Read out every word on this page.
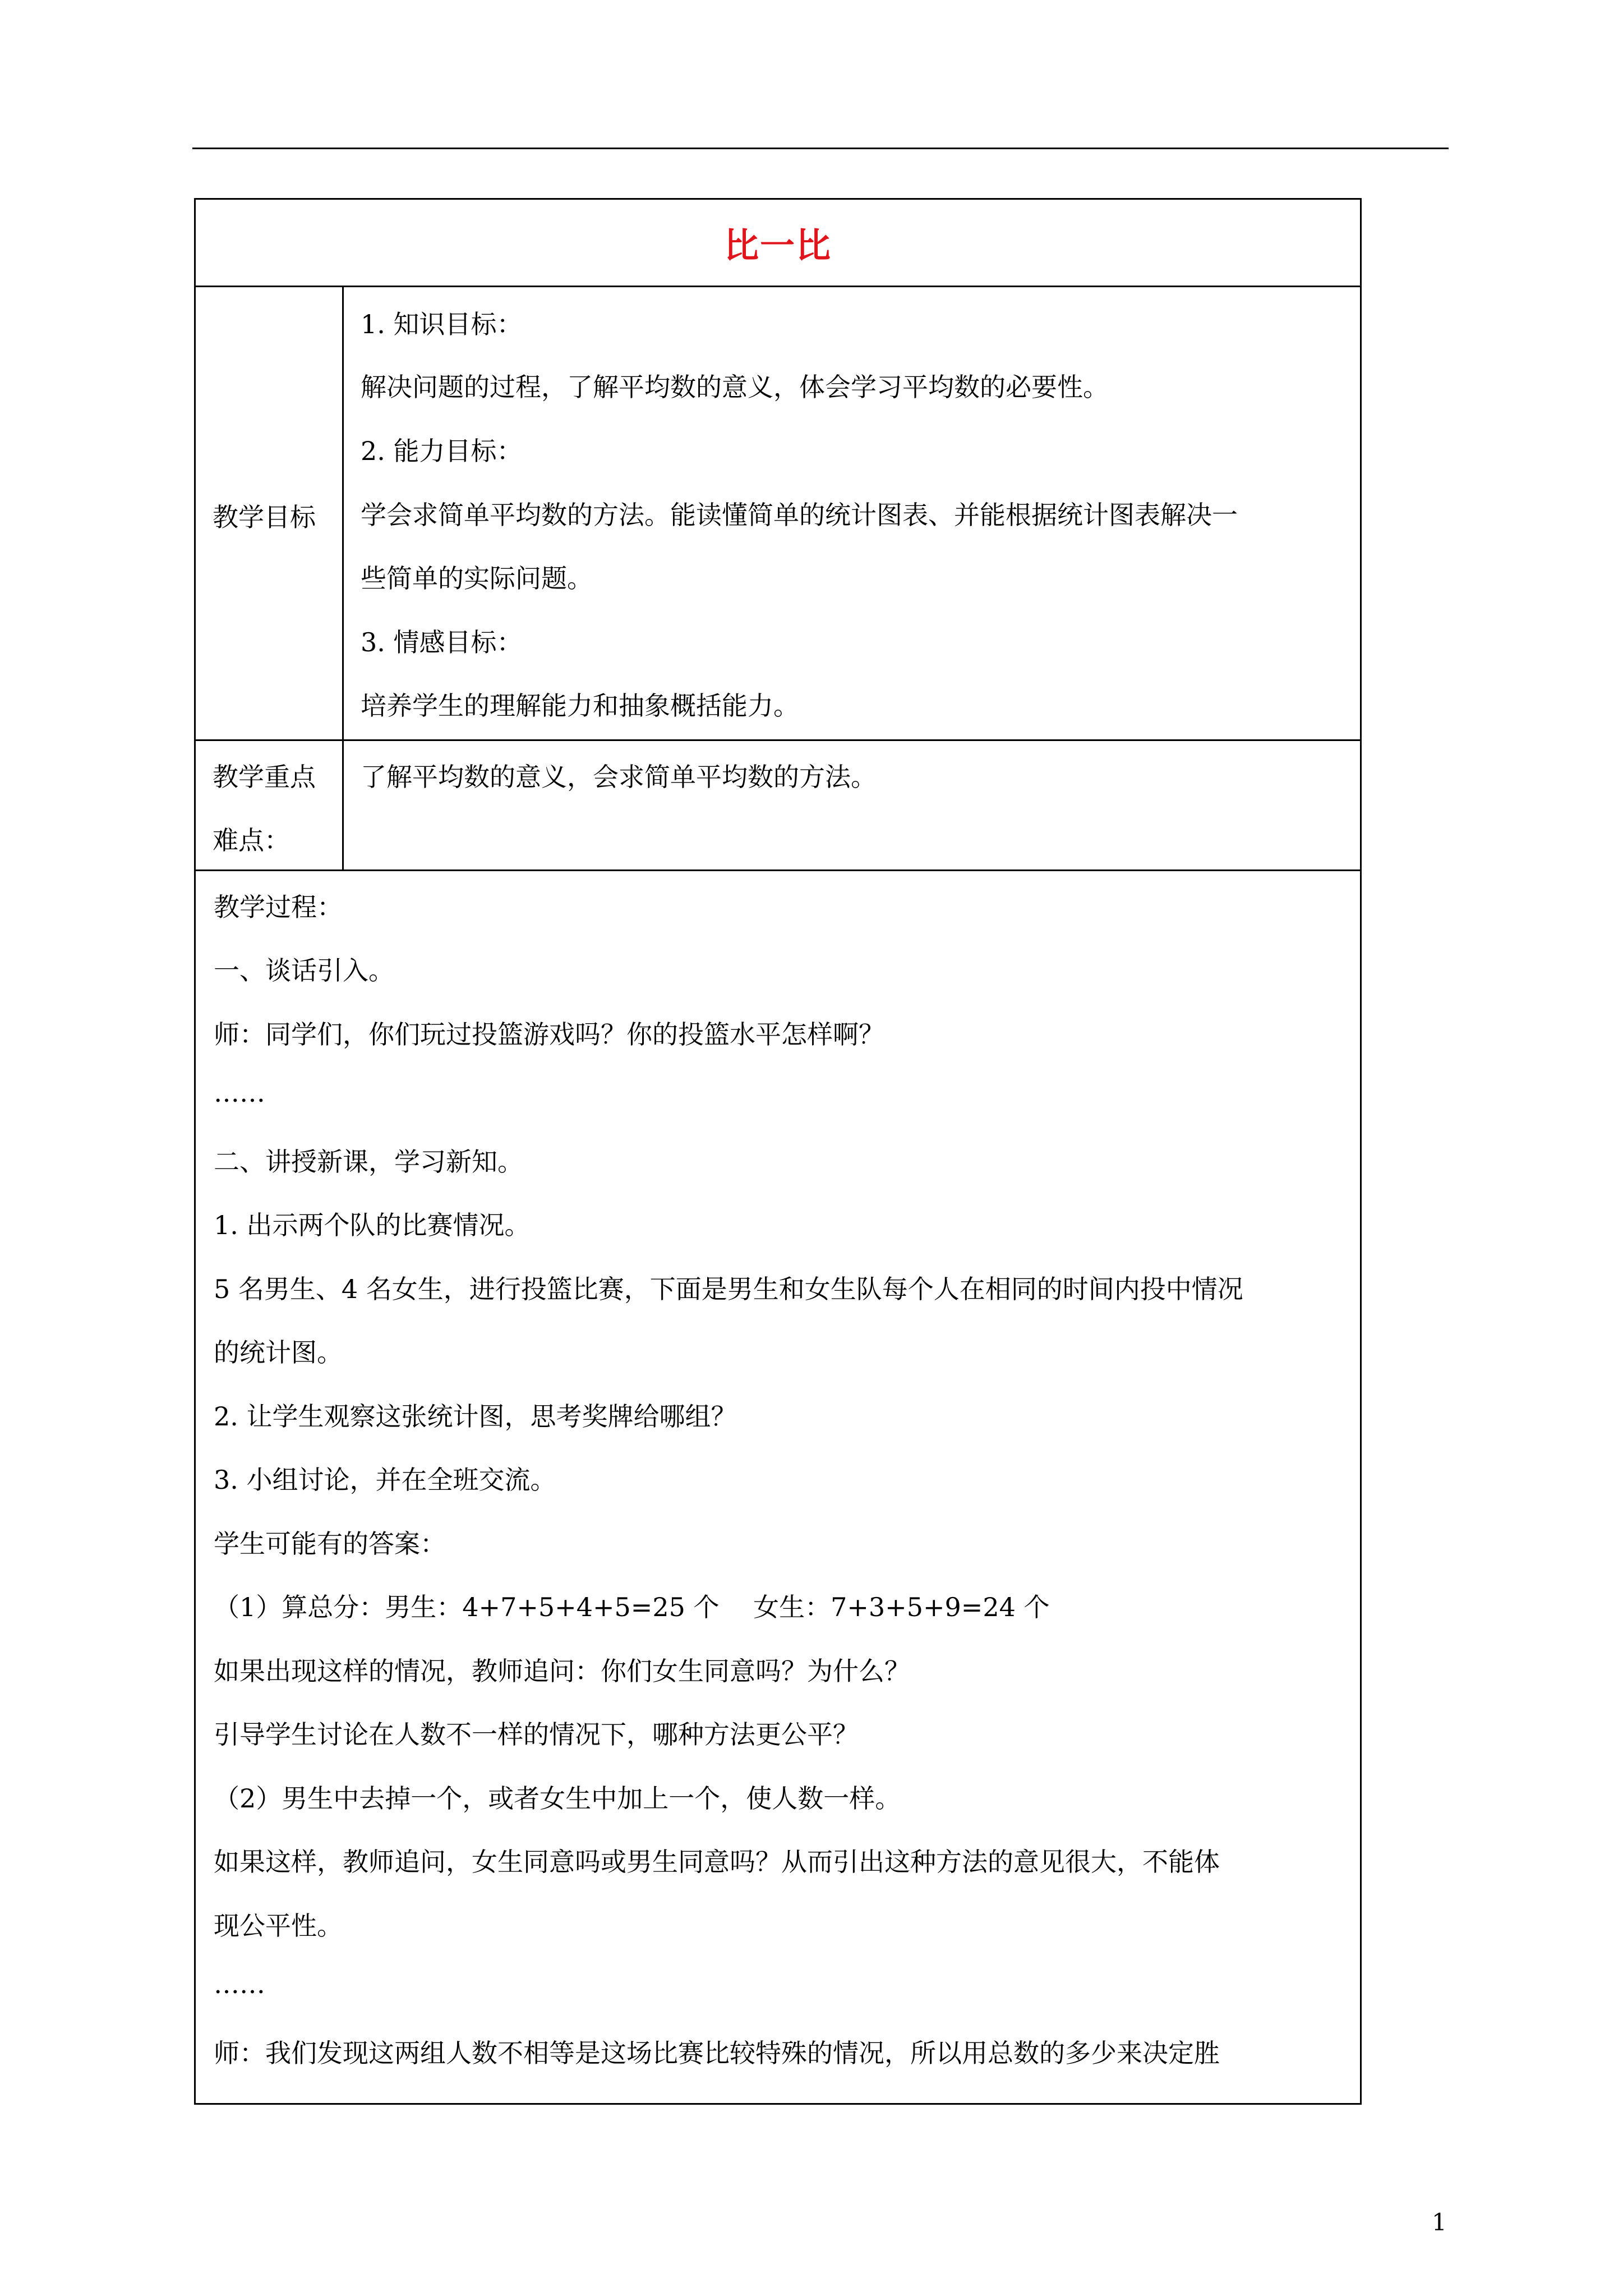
比一比
教学目标
1. 知识目标：
解决问题的过程，了解平均数的意义，体会学习平均数的必要性。
2. 能力目标：
学会求简单平均数的方法。能读懂简单的统计图表、并能根据统计图表解决一
些简单的实际问题。
3. 情感目标：
培养学生的理解能力和抽象概括能力。
教学重点
难点：
了解平均数的意义，会求简单平均数的方法。
教学过程：
一、谈话引入。
师：同学们，你们玩过投篮游戏吗？你的投篮水平怎样啊？
……
二、讲授新课，学习新知。
1. 出示两个队的比赛情况。
5 名男生、4 名女生，进行投篮比赛，下面是男生和女生队每个人在相同的时间内投中情况
的统计图。
2. 让学生观察这张统计图，思考奖牌给哪组？
3. 小组讨论，并在全班交流。
学生可能有的答案：
（1）算总分：男生：4+7+5+4+5=25 个　 女生：7+3+5+9=24 个
如果出现这样的情况，教师追问：你们女生同意吗？为什么？
引导学生讨论在人数不一样的情况下，哪种方法更公平？
（2）男生中去掉一个，或者女生中加上一个，使人数一样。
如果这样，教师追问，女生同意吗或男生同意吗？从而引出这种方法的意见很大，不能体
现公平性。
……
师：我们发现这两组人数不相等是这场比赛比较特殊的情况，所以用总数的多少来决定胜
1
